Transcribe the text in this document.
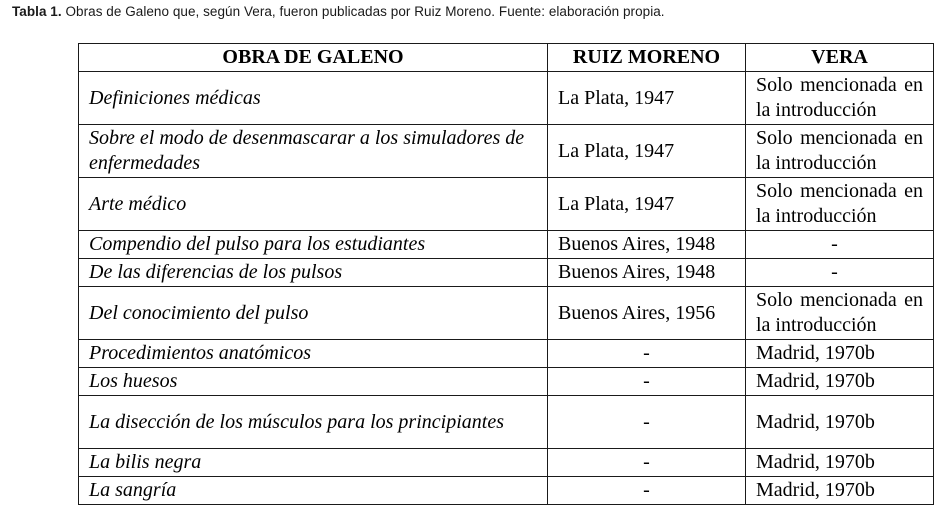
Tabla 1. Obras de Galeno que, según Vera, fueron publicadas por Ruiz Moreno. Fuente: elaboración propia.
OBRA DE GALENO	RUIZ MORENO	VERA
Definiciones médicas	La Plata, 1947	Solo mencionada en la introducción
Sobre el modo de desenmascarar a los simuladores de enfermedades	La Plata, 1947	Solo mencionada en la introducción
Arte médico	La Plata, 1947	Solo mencionada en la introducción
Compendio del pulso para los estudiantes	Buenos Aires, 1948	-
De las diferencias de los pulsos	Buenos Aires, 1948	-
Del conocimiento del pulso	Buenos Aires, 1956	Solo mencionada en la introducción
Procedimientos anatómicos	-	Madrid, 1970b
Los huesos	-	Madrid, 1970b
La disección de los músculos para los principiantes	-	Madrid, 1970b
La bilis negra	-	Madrid, 1970b
La sangría	-	Madrid, 1970b
